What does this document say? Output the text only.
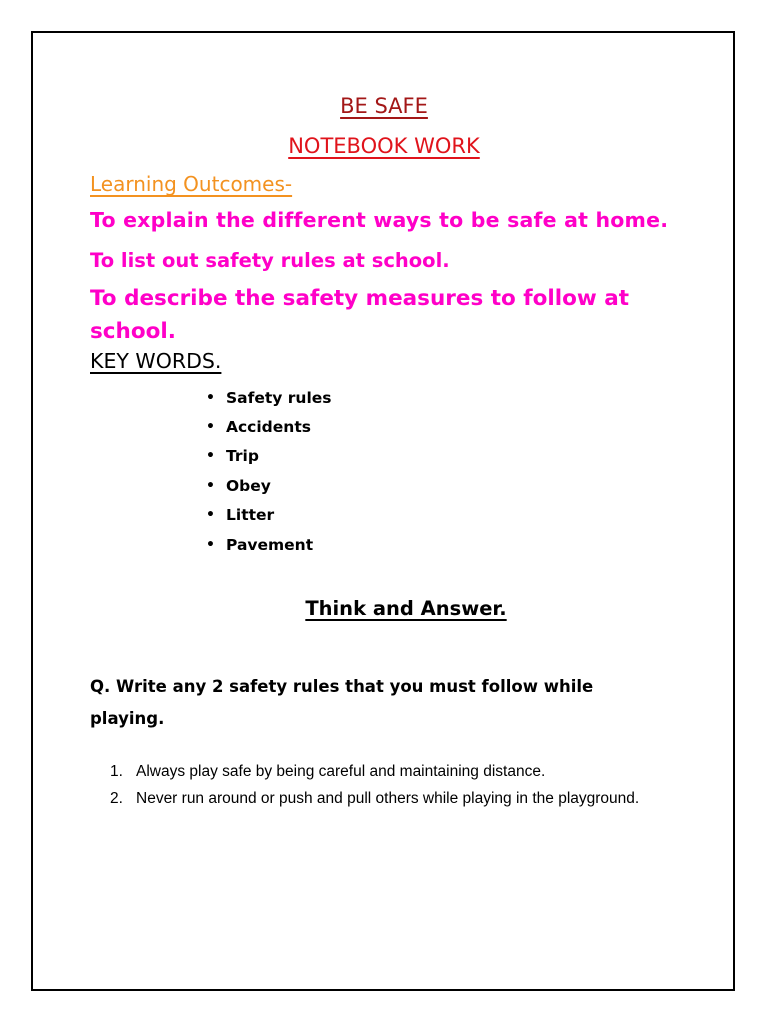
BE SAFE
NOTEBOOK WORK
Learning Outcomes-

To explain the different ways to be safe at home.

To list out safety rules at school.

To describe the safety measures to follow at school.

KEY WORDS.
• Safety rules
• Accidents
• Trip
• Obey
• Litter
• Pavement
Think and Answer.

Q. Write any 2 safety rules that you must follow while playing.

1. Always play safe by being careful and maintaining distance.
2. Never run around or push and pull others while playing in the playground.
